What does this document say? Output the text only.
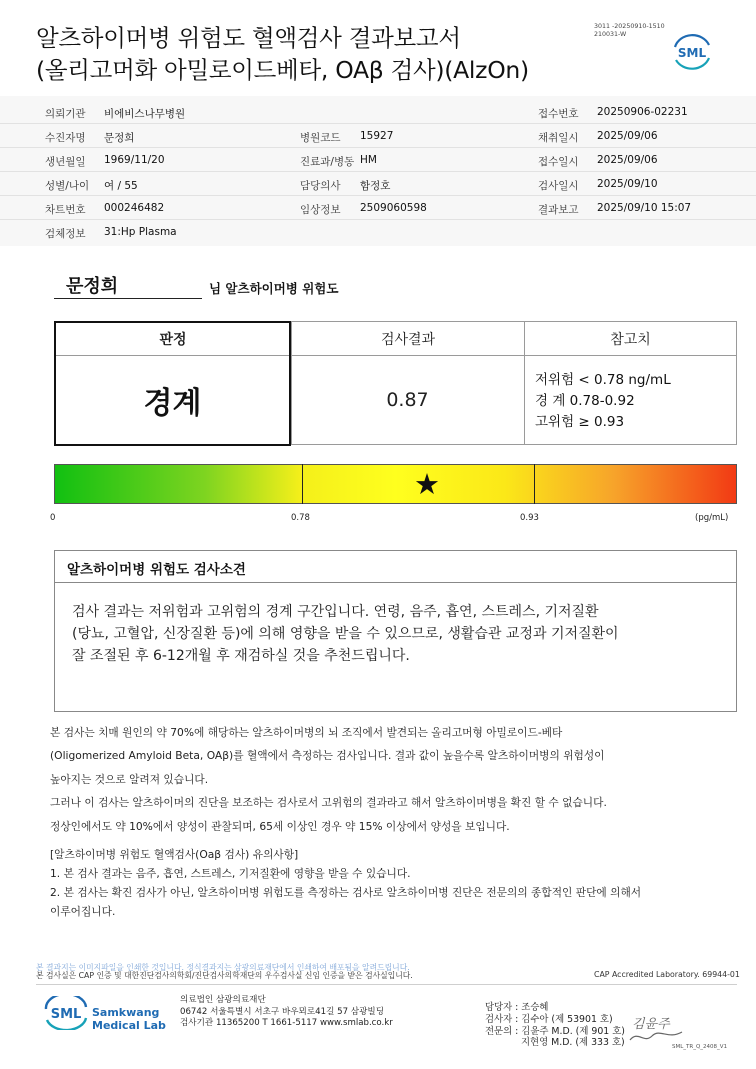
알츠하이머병 위험도 혈액검사 결과보고서
(올리고머화 아밀로이드베타, OAβ 검사)(AlzOn)
3011 -20250910-1510
210031-W
SML
의뢰기관 비에비스나무병원	접수번호 20250906-02231
수진자명 문정희	병원코드 15927	채취일시 2025/09/06
생년월일 1969/11/20	진료과/병동 HM	접수일시 2025/09/06
성별/나이 여 / 55	담당의사 함정호	검사일시 2025/09/10
차트번호 000246482	임상정보 2509060598	결과보고 2025/09/10 15:07
검체정보 31:Hp Plasma
문정희	님 알츠하이머병 위험도
판정	검사결과	참고치
경계	0.87
저위험 < 0.78 ng/mL
경 계 0.78-0.92
고위험 ≥ 0.93
★
0	0.78	0.93	(pg/mL)
알츠하이머병 위험도 검사소견
검사 결과는 저위험과 고위험의 경계 구간입니다. 연령, 음주, 흡연, 스트레스, 기저질환
(당뇨, 고혈압, 신장질환 등)에 의해 영향을 받을 수 있으므로, 생활습관 교정과 기저질환이
잘 조절된 후 6-12개월 후 재검하실 것을 추천드립니다.

본 검사는 치매 원인의 약 70%에 해당하는 알츠하이머병의 뇌 조직에서 발견되는 올리고머형 아밀로이드-베타

(Oligomerized Amyloid Beta, OAβ)를 혈액에서 측정하는 검사입니다. 결과 값이 높을수록 알츠하이머병의 위험성이

높아지는 것으로 알려져 있습니다.

그러나 이 검사는 알츠하이머의 진단을 보조하는 검사로서 고위험의 결과라고 해서 알츠하이머병을 확진 할 수 없습니다.

정상인에서도 약 10%에서 양성이 관찰되며, 65세 이상인 경우 약 15% 이상에서 양성을 보입니다.

[알츠하이머병 위험도 혈액검사(Oaβ 검사) 유의사항]

1. 본 검사 결과는 음주, 흡연, 스트레스, 기저질환에 영향을 받을 수 있습니다.

2. 본 검사는 확진 검사가 아닌, 알츠하이머병 위험도를 측정하는 검사로 알츠하이머병 진단은 전문의의 종합적인 판단에 의해서

이루어집니다.

본 결과지는 이미지파일을 인쇄한 것입니다. 정식결과지는 삼광의료재단에서 인쇄하여 배포됨을 알려드립니다.
본 검사실은 CAP 인증 및 대한진단검사의학회/진단검사의학재단의 우수검사실 신임 인증을 받은 검사실입니다.	CAP Accredited Laboratory. 69944-01
SML Samkwang
Medical Lab
의료법인 삼광의료재단
06742 서울특별시 서초구 바우뫼로41길 57 삼광빌딩
검사기관 11365200 T 1661-5117 www.smlab.co.kr
담당자 : 조승혜
검사자 : 김수아 (제 53901 호)
전문의 : 김윤주 M.D. (제 901 호)
지현영 M.D. (제 333 호)
김윤주
SML_TR_Q_2408_V1
